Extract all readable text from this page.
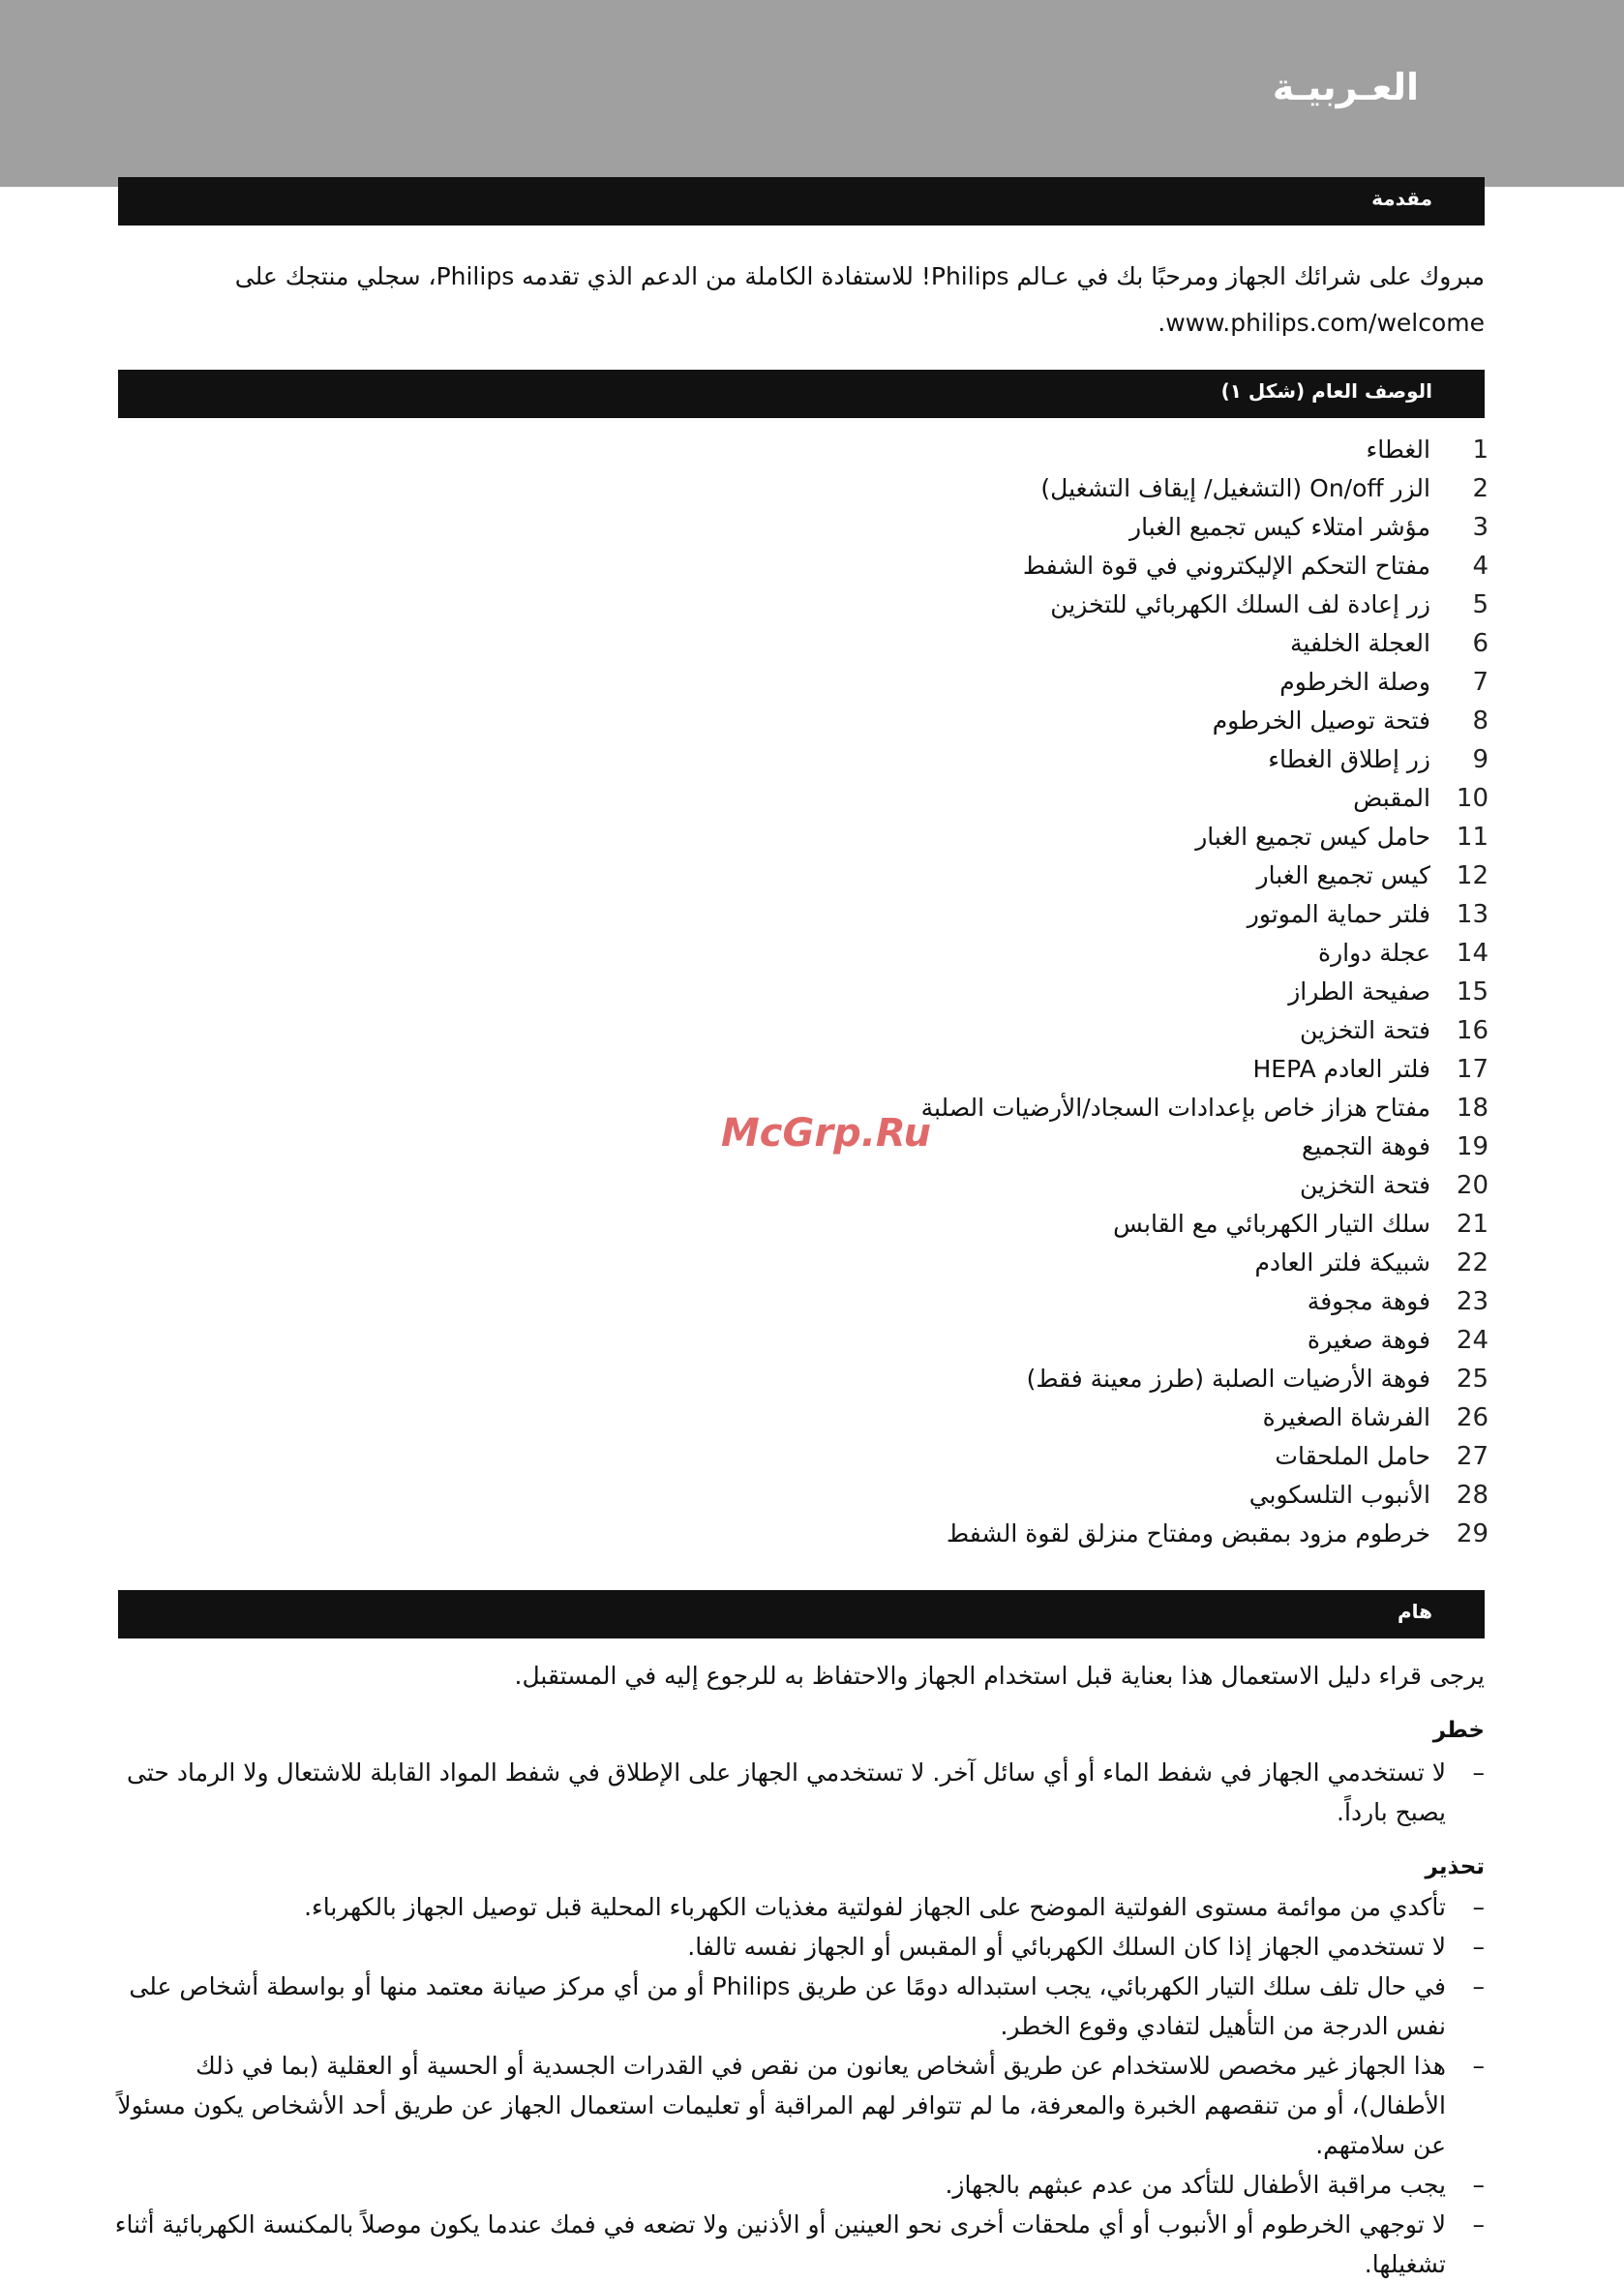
العـربيـة
مقدمة

مبروك على شرائك الجهاز ومرحبًا بك في عـالم Philips! للاستفادة الكاملة من الدعم الذي تقدمه Philips، سجلي منتجك على www.philips.com/welcome.

الوصف العام (شكل ١)
1
الغطاء
2
الزر On/off (التشغيل/ إيقاف التشغيل)
3
مؤشر امتلاء كيس تجميع الغبار
4
مفتاح التحكم الإليكتروني في قوة الشفط
5
زر إعادة لف السلك الكهربائي للتخزين
6
العجلة الخلفية
7
وصلة الخرطوم
8
فتحة توصيل الخرطوم
9
زر إطلاق الغطاء
10
المقبض
11
حامل كيس تجميع الغبار
12
كيس تجميع الغبار
13
فلتر حماية الموتور
14
عجلة دوارة
15
صفيحة الطراز
16
فتحة التخزين
17
فلتر العادم HEPA
18
مفتاح هزاز خاص بإعدادات السجاد/الأرضيات الصلبة
19
فوهة التجميع
20
فتحة التخزين
21
سلك التيار الكهربائي مع القابس
22
شبيكة فلتر العادم
23
فوهة مجوفة
24
فوهة صغيرة
25
فوهة الأرضيات الصلبة (طرز معينة فقط)
26
الفرشاة الصغيرة
27
حامل الملحقات
28
الأنبوب التلسكوبي
29
خرطوم مزود بمقبض ومفتاح منزلق لقوة الشفط

McGrp.Ru

هام

يرجى قراء دليل الاستعمال هذا بعناية قبل استخدام الجهاز والاحتفاظ به للرجوع إليه في المستقبل.

خطر
–
لا تستخدمي الجهاز في شفط الماء أو أي سائل آخر. لا تستخدمي الجهاز على الإطلاق في شفط المواد القابلة للاشتعال ولا الرماد حتى يصبح بارداً.
تحذير
–
تأكدي من موائمة مستوى الفولتية الموضح على الجهاز لفولتية مغذيات الكهرباء المحلية قبل توصيل الجهاز بالكهرباء.
–
لا تستخدمي الجهاز إذا كان السلك الكهربائي أو المقبس أو الجهاز نفسه تالفا.
–
في حال تلف سلك التيار الكهربائي، يجب استبداله دومًا عن طريق Philips أو من أي مركز صيانة معتمد منها أو بواسطة أشخاص على نفس الدرجة من التأهيل لتفادي وقوع الخطر.
–
هذا الجهاز غير مخصص للاستخدام عن طريق أشخاص يعانون من نقص في القدرات الجسدية أو الحسية أو العقلية (بما في ذلك الأطفال)، أو من تنقصهم الخبرة والمعرفة، ما لم تتوافر لهم المراقبة أو تعليمات استعمال الجهاز عن طريق أحد الأشخاص يكون مسئولاً عن سلامتهم.
–
يجب مراقبة الأطفال للتأكد من عدم عبثهم بالجهاز.
–
لا توجهي الخرطوم أو الأنبوب أو أي ملحقات أخرى نحو العينين أو الأذنين ولا تضعه في فمك عندما يكون موصلاً بالمكنسة الكهربائية أثناء تشغيلها.
